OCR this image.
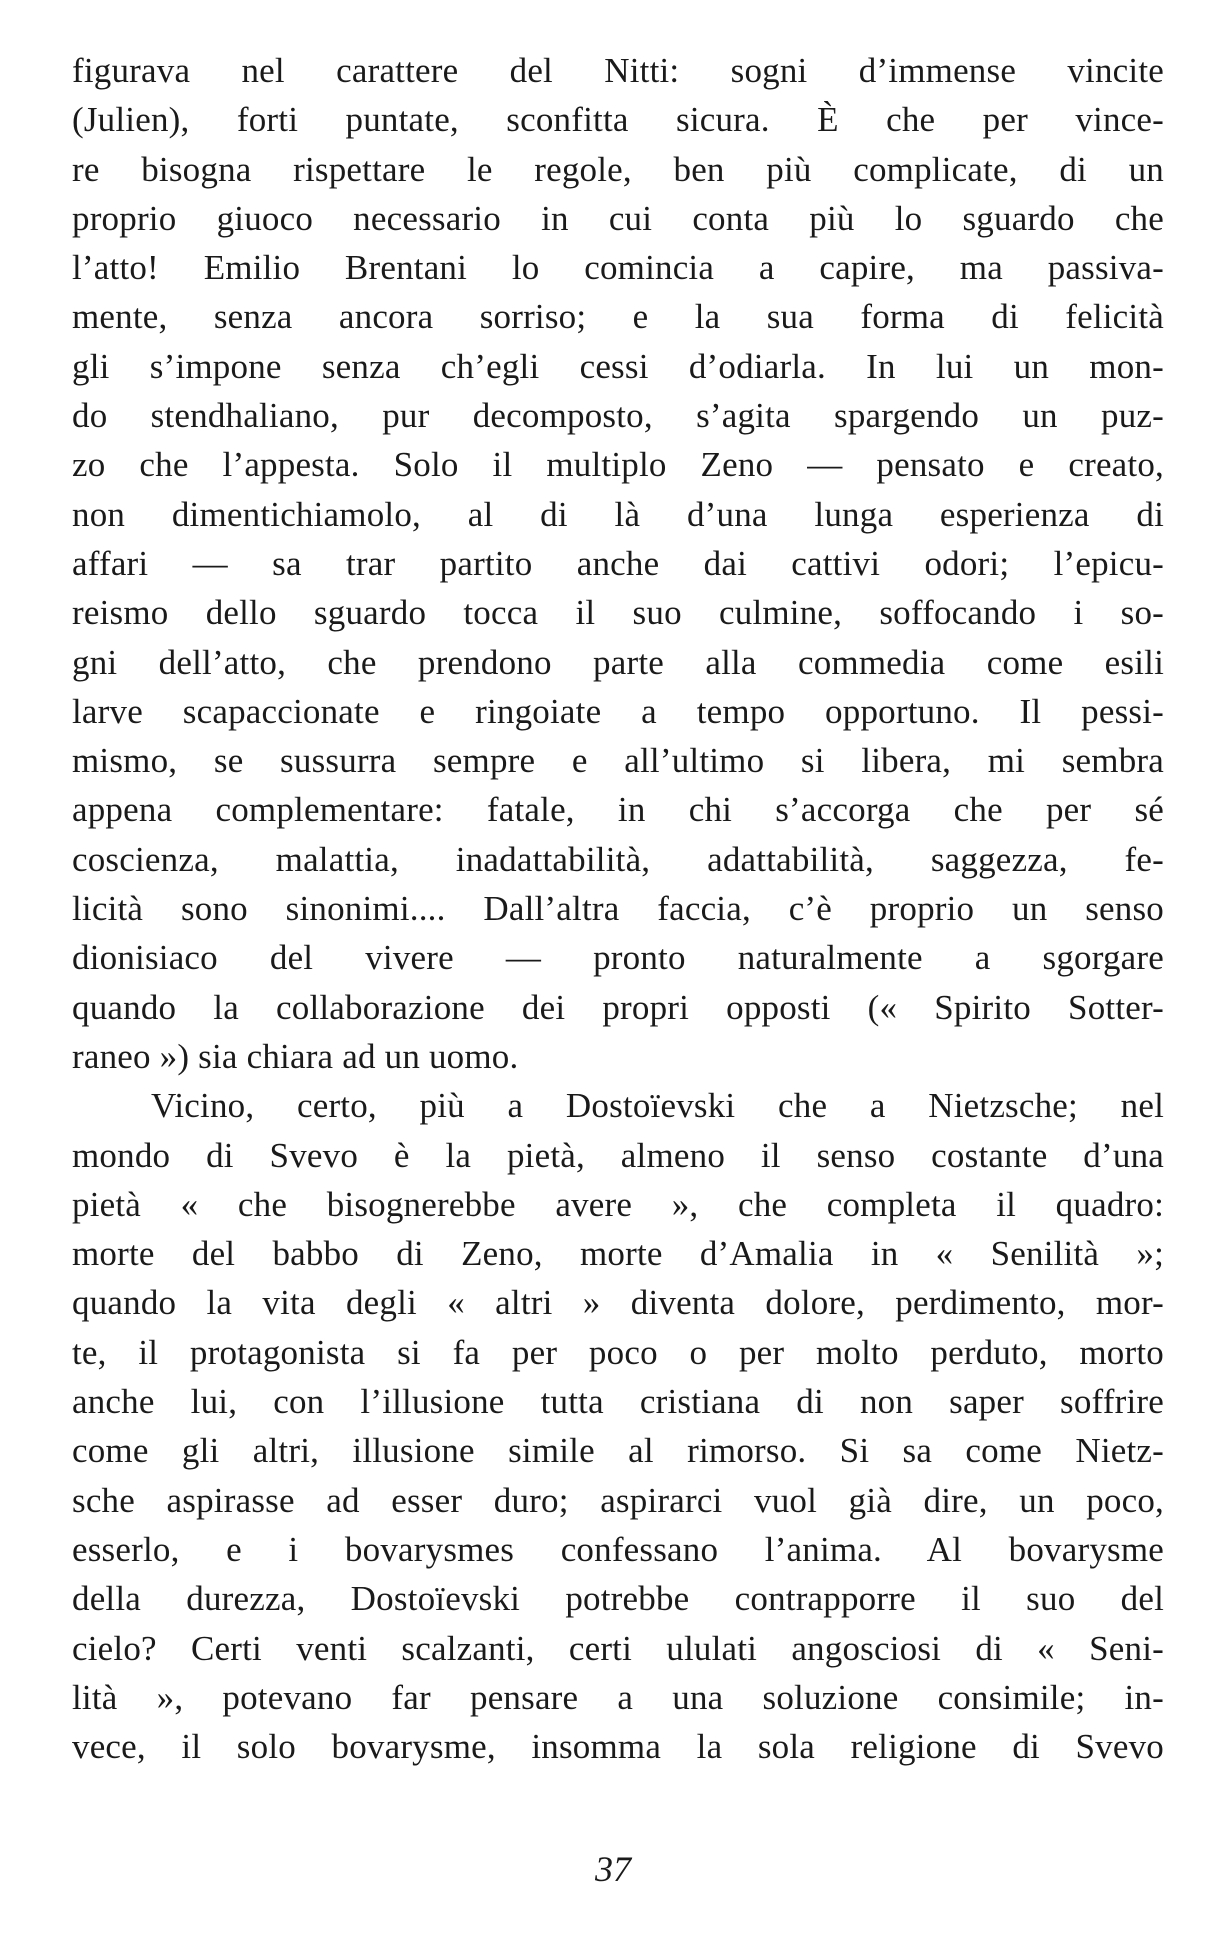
figurava nel carattere del Nitti: sogni d’immense vincite
(Julien), forti puntate, sconfitta sicura. È che per vince-
re bisogna rispettare le regole, ben più complicate, di un
proprio giuoco necessario in cui conta più lo sguardo che
l’atto! Emilio Brentani lo comincia a capire, ma passiva-
mente, senza ancora sorriso; e la sua forma di felicità
gli s’impone senza ch’egli cessi d’odiarla. In lui un mon-
do stendhaliano, pur decomposto, s’agita spargendo un puz-
zo che l’appesta. Solo il multiplo Zeno — pensato e creato,
non dimentichiamolo, al di là d’una lunga esperienza di
affari — sa trar partito anche dai cattivi odori; l’epicu-
reismo dello sguardo tocca il suo culmine, soffocando i so-
gni dell’atto, che prendono parte alla commedia come esili
larve scapaccionate e ringoiate a tempo opportuno. Il pessi-
mismo, se sussurra sempre e all’ultimo si libera, mi sembra
appena complementare: fatale, in chi s’accorga che per sé
coscienza, malattia, inadattabilità, adattabilità, saggezza, fe-
licità sono sinonimi.... Dall’altra faccia, c’è proprio un senso
dionisiaco del vivere — pronto naturalmente a sgorgare
quando la collaborazione dei propri opposti (« Spirito Sotter-
raneo ») sia chiara ad un uomo.
Vicino, certo, più a Dostoïevski che a Nietzsche; nel
mondo di Svevo è la pietà, almeno il senso costante d’una
pietà « che bisognerebbe avere », che completa il quadro:
morte del babbo di Zeno, morte d’Amalia in « Senilità »;
quando la vita degli « altri » diventa dolore, perdimento, mor-
te, il protagonista si fa per poco o per molto perduto, morto
anche lui, con l’illusione tutta cristiana di non saper soffrire
come gli altri, illusione simile al rimorso. Si sa come Nietz-
sche aspirasse ad esser duro; aspirarci vuol già dire, un poco,
esserlo, e i bovarysmes confessano l’anima. Al bovarysme
della durezza, Dostoïevski potrebbe contrapporre il suo del
cielo? Certi venti scalzanti, certi ululati angosciosi di « Seni-
lità », potevano far pensare a una soluzione consimile; in-
vece, il solo bovarysme, insomma la sola religione di Svevo
37
